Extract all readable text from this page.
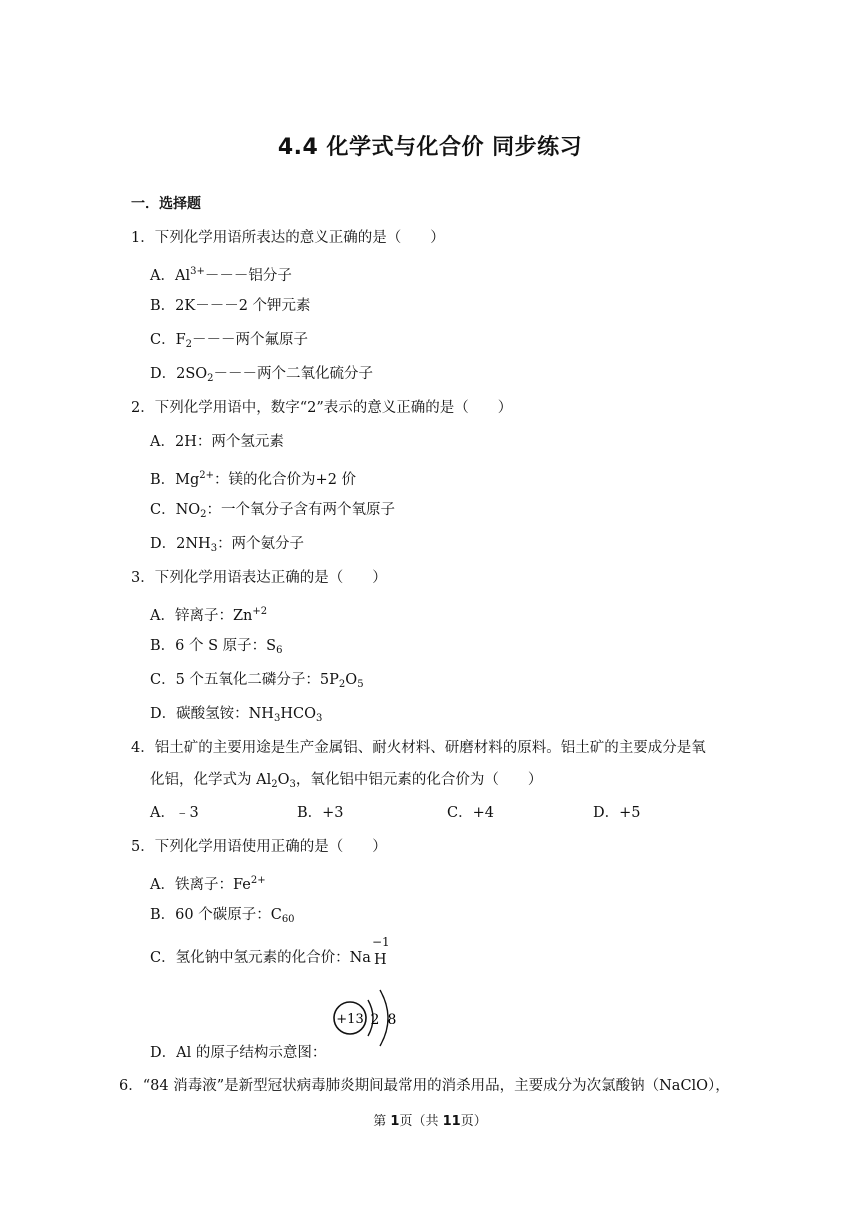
4.4 化学式与化合价 同步练习
一．选择题
1．下列化学用语所表达的意义正确的是（　　）
A．$Al^{3+}---$铝分子
B．2K－－－2 个钾元素
C．$F_2---$两个氟原子
D．$2SO_2---$两个二氧化硫分子
2．下列化学用语中，数字“2”表示的意义正确的是（　　）
A．2H：两个氢元素
B．$Mg^{2+}$：镁的化合价为+2 价
C．$NO_2$：一个氧分子含有两个氧原子
D．$2NH_3$：两个氨分子
3．下列化学用语表达正确的是（　　）
A．锌离子：$Zn^{+2}$
B．6 个 S 原子：$S_6$
C．5 个五氧化二磷分子：$5P_2O_5$
D．碳酸氢铵：$NH_3HCO_3$
4．铝土矿的主要用途是生产金属铝、耐火材料、研磨材料的原料。铝土矿的主要成分是氧
化铝，化学式为 $Al_2O_3$，氧化铝中铝元素的化合价为（　　）
A．﹣3	B．+3	C．+4	D．+5
5．下列化学用语使用正确的是（　　）
A．铁离子：$Fe^{2+}$
B．60 个碳原子：$C_{60}$
C．氢化钠中氢元素的化合价：Na
−1
H
+13 2 8
D．Al 的原子结构示意图：
6．“84 消毒液”是新型冠状病毒肺炎期间最常用的消杀用品，主要成分为次氯酸钠（NaClO），
第 1页（共 11页）
